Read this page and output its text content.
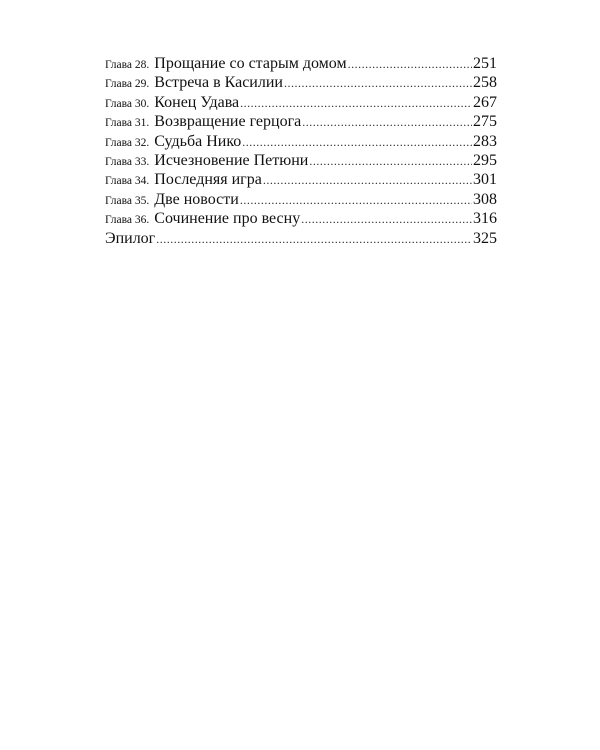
Глава 28. Прощание со старым домом .....	251
Глава 29. Встреча в Касилии .....	258
Глава 30. Конец Удава .....	267
Глава 31. Возвращение герцога .....	275
Глава 32. Судьба Нико .....	283
Глава 33. Исчезновение Петюни .....	295
Глава 34. Последняя игра .....	301
Глава 35. Две новости .....	308
Глава 36. Сочинение про весну .....	316
Эпилог .....	325
